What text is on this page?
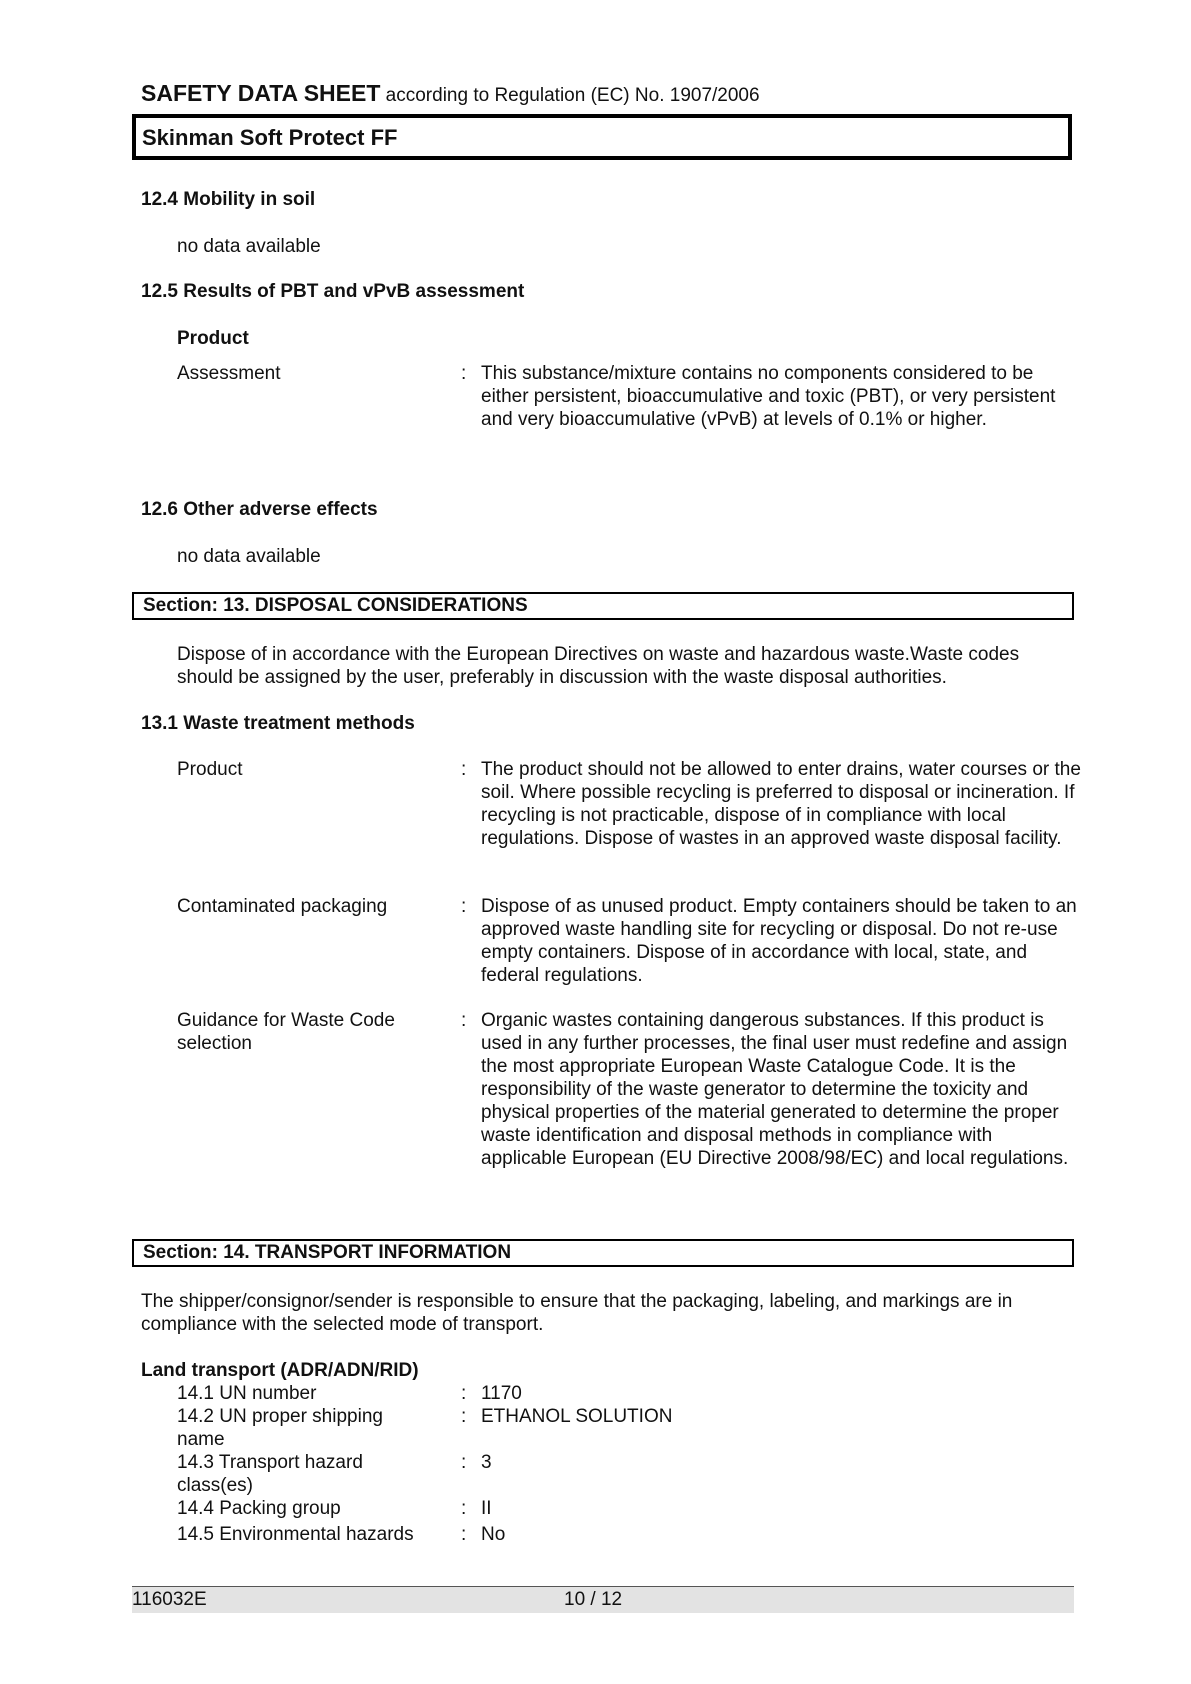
SAFETY DATA SHEET according to Regulation (EC) No. 1907/2006
Skinman Soft Protect FF
12.4 Mobility in soil
no data available
12.5 Results of PBT and vPvB assessment
Product
Assessment	: This substance/mixture contains no components considered to be either persistent, bioaccumulative and toxic (PBT), or very persistent and very bioaccumulative (vPvB) at levels of 0.1% or higher.
12.6 Other adverse effects
no data available
Section: 13. DISPOSAL CONSIDERATIONS
Dispose of in accordance with the European Directives on waste and hazardous waste.Waste codes should be assigned by the user, preferably in discussion with the waste disposal authorities.
13.1 Waste treatment methods
Product	: The product should not be allowed to enter drains, water courses or the soil. Where possible recycling is preferred to disposal or incineration. If recycling is not practicable, dispose of in compliance with local regulations. Dispose of wastes in an approved waste disposal facility.
Contaminated packaging	: Dispose of as unused product. Empty containers should be taken to an approved waste handling site for recycling or disposal. Do not re-use empty containers. Dispose of in accordance with local, state, and federal regulations.
Guidance for Waste Code selection
: Organic wastes containing dangerous substances. If this product is used in any further processes, the final user must redefine and assign the most appropriate European Waste Catalogue Code. It is the responsibility of the waste generator to determine the toxicity and physical properties of the material generated to determine the proper waste identification and disposal methods in compliance with applicable European (EU Directive 2008/98/EC) and local regulations.
Section: 14. TRANSPORT INFORMATION
The shipper/consignor/sender is responsible to ensure that the packaging, labeling, and markings are in compliance with the selected mode of transport.
Land transport (ADR/ADN/RID)
14.1 UN number	: 1170
14.2 UN proper shipping name
: ETHANOL SOLUTION
14.3 Transport hazard class(es)
: 3
14.4 Packing group	: II
14.5 Environmental hazards	: No
116032E	10 / 12
